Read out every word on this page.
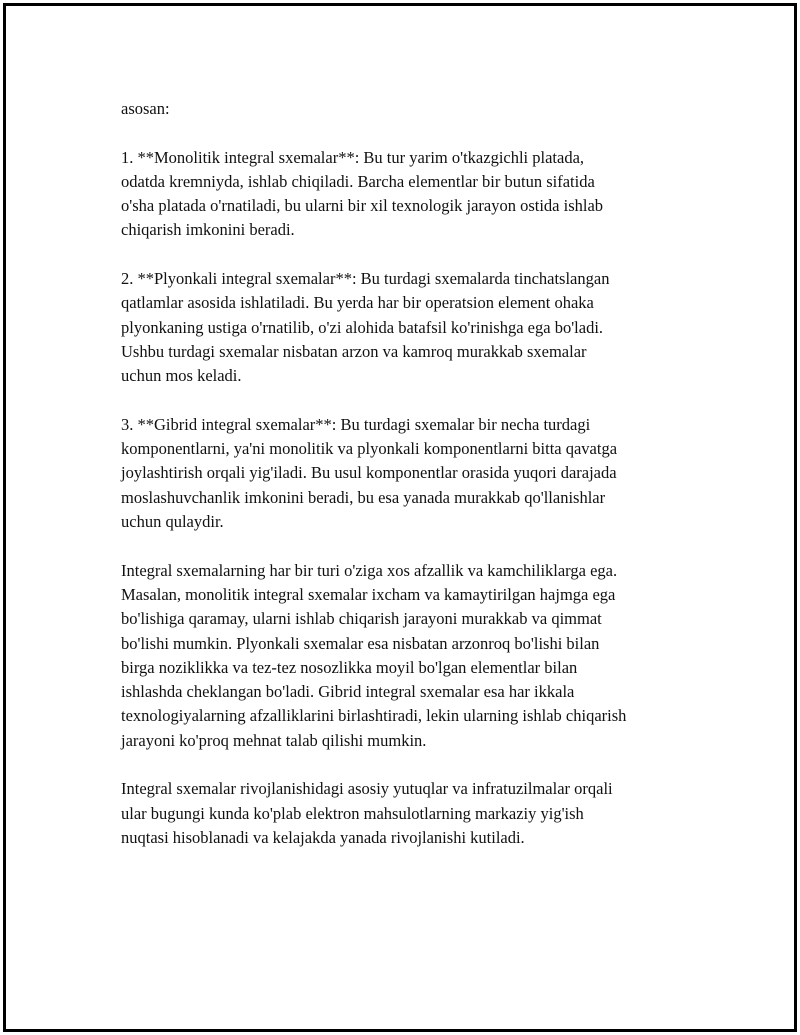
asosan:
1. **Monolitik integral sxemalar**: Bu tur yarim o'tkazgichli platada,
odatda kremniyda, ishlab chiqiladi. Barcha elementlar bir butun sifatida
o'sha platada o'rnatiladi, bu ularni bir xil texnologik jarayon ostida ishlab
chiqarish imkonini beradi.
2. **Plyonkali integral sxemalar**: Bu turdagi sxemalarda tinchatslangan
qatlamlar asosida ishlatiladi. Bu yerda har bir operatsion element ohaka
plyonkaning ustiga o'rnatilib, o'zi alohida batafsil ko'rinishga ega bo'ladi.
Ushbu turdagi sxemalar nisbatan arzon va kamroq murakkab sxemalar
uchun mos keladi.
3. **Gibrid integral sxemalar**: Bu turdagi sxemalar bir necha turdagi
komponentlarni, ya'ni monolitik va plyonkali komponentlarni bitta qavatga
joylashtirish orqali yig'iladi. Bu usul komponentlar orasida yuqori darajada
moslashuvchanlik imkonini beradi, bu esa yanada murakkab qo'llanishlar
uchun qulaydir.
Integral sxemalarning har bir turi o'ziga xos afzallik va kamchiliklarga ega.
Masalan, monolitik integral sxemalar ixcham va kamaytirilgan hajmga ega
bo'lishiga qaramay, ularni ishlab chiqarish jarayoni murakkab va qimmat
bo'lishi mumkin. Plyonkali sxemalar esa nisbatan arzonroq bo'lishi bilan
birga noziklikka va tez-tez nosozlikka moyil bo'lgan elementlar bilan
ishlashda cheklangan bo'ladi. Gibrid integral sxemalar esa har ikkala
texnologiyalarning afzalliklarini birlashtiradi, lekin ularning ishlab chiqarish
jarayoni ko'proq mehnat talab qilishi mumkin.
Integral sxemalar rivojlanishidagi asosiy yutuqlar va infratuzilmalar orqali
ular bugungi kunda ko'plab elektron mahsulotlarning markaziy yig'ish
nuqtasi hisoblanadi va kelajakda yanada rivojlanishi kutiladi.
